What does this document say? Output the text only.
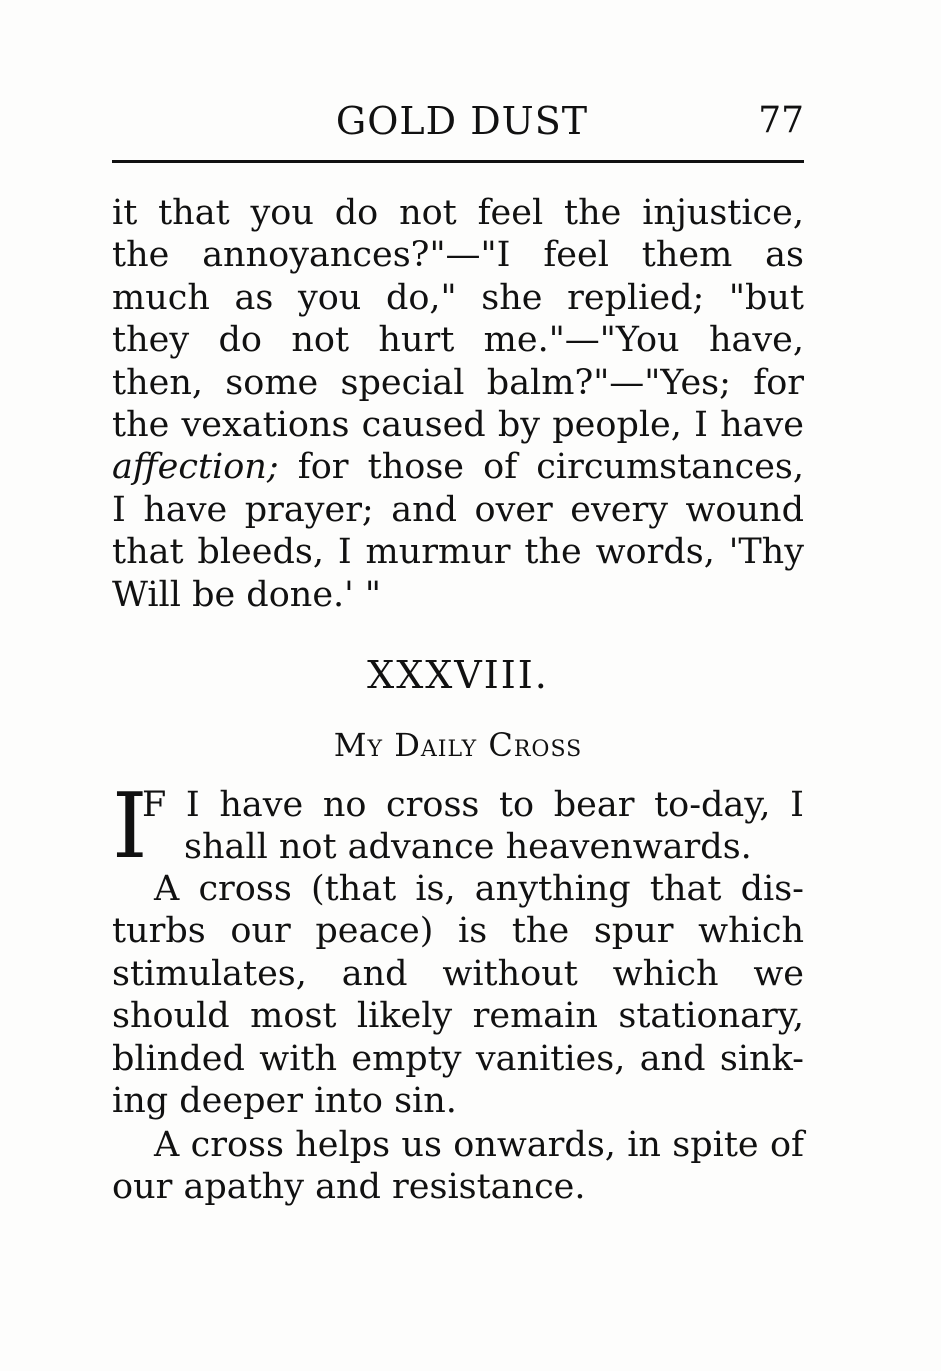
GOLD DUST	77
it that you do not feel the injustice,
the annoyances?"—"I feel them as
much as you do," she replied; "but
they do not hurt me."—"You have,
then, some special balm?"—"Yes; for
the vexations caused by people, I have
affection; for those of circumstances,
I have prayer; and over every wound
that bleeds, I murmur the words, 'Thy
Will be done.' "
XXXVIII.
My Daily Cross
I
F I have no cross to bear to-day, I
shall not advance heavenwards.
A cross (that is, anything that dis-
turbs our peace) is the spur which
stimulates, and without which we
should most likely remain stationary,
blinded with empty vanities, and sink-
ing deeper into sin.
A cross helps us onwards, in spite of
our apathy and resistance.
